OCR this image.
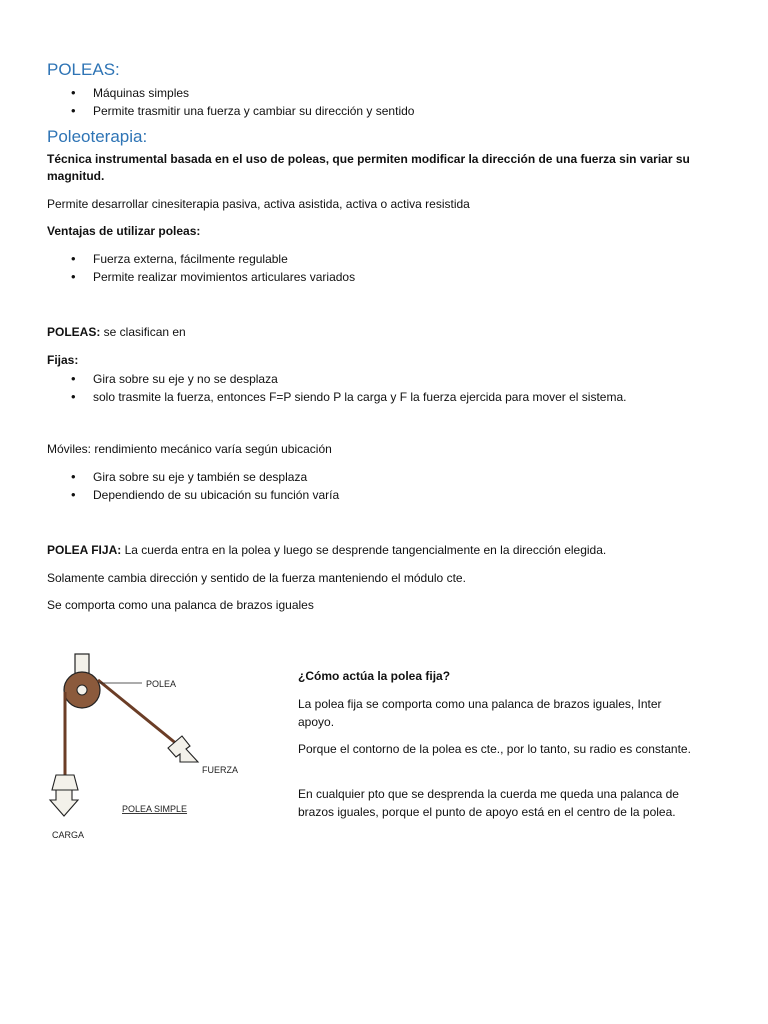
POLEAS:
• Máquinas simples
• Permite trasmitir una fuerza y cambiar su dirección y sentido
Poleoterapia:
Técnica instrumental basada en el uso de poleas, que permiten modificar la dirección de una fuerza sin variar su magnitud.
Permite desarrollar cinesiterapia pasiva, activa asistida, activa o activa resistida
Ventajas de utilizar poleas:
• Fuerza externa, fácilmente regulable
• Permite realizar movimientos articulares variados
POLEAS: se clasifican en
Fijas:
• Gira sobre su eje y no se desplaza
• solo trasmite la fuerza, entonces F=P siendo P la carga y F la fuerza ejercida para mover el sistema.
Móviles: rendimiento mecánico varía según ubicación
• Gira sobre su eje y también se desplaza
• Dependiendo de su ubicación su función varía
POLEA FIJA: La cuerda entra en la polea y luego se desprende tangencialmente en la dirección elegida.
Solamente cambia dirección y sentido de la fuerza manteniendo el módulo cte.
Se comporta como una palanca de brazos iguales
POLEA
FUERZA
POLEA SIMPLE
CARGA
¿Cómo actúa la polea fija?
La polea fija se comporta como una palanca de brazos iguales, Inter apoyo.
Porque el contorno de la polea es cte., por lo tanto, su radio es constante.
En cualquier pto que se desprenda la cuerda me queda una palanca de brazos iguales, porque el punto de apoyo está en el centro de la polea.
